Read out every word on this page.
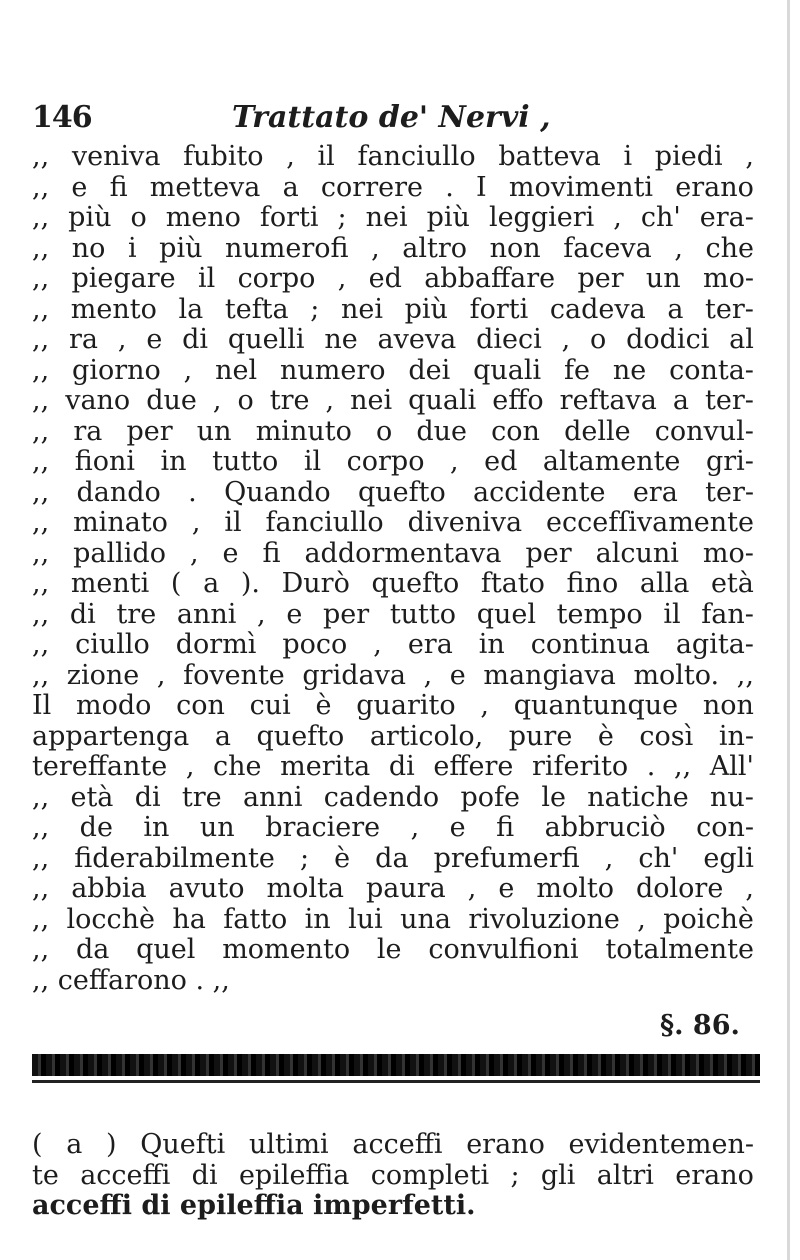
146	Trattato de' Nervi ,
,, veniva fubito , il fanciullo batteva i piedi ,
,, e fi metteva a correre . I movimenti erano
,, più o meno forti ; nei più leggieri , ch' era-
,, no i più numerofi , altro non faceva , che
,, piegare il corpo , ed abbaffare per un mo-
,, mento la tefta ; nei più forti cadeva a ter-
,, ra , e di quelli ne aveva dieci , o dodici al
,, giorno , nel numero dei quali fe ne conta-
,, vano due , o tre , nei quali effo reftava a ter-
,, ra per un minuto o due con delle convul-
,, fioni in tutto il corpo , ed altamente gri-
,, dando . Quando quefto accidente era ter-
,, minato , il fanciullo diveniva eccefſivamente
,, pallido , e fi addormentava per alcuni mo-
,, menti ( a ). Durò quefto ftato fino alla età
,, di tre anni , e per tutto quel tempo il fan-
,, ciullo dormì poco , era in continua agita-
,, zione , fovente gridava , e mangiava molto. ,,
Il modo con cui è guarito , quantunque non
appartenga a quefto articolo, pure è così in-
tereffante , che merita di effere riferito . ,, All'
,, età di tre anni cadendo pofe le natiche nu-
,, de in un braciere , e fi abbruciò con-
,, fiderabilmente ; è da prefumerfi , ch' egli
,, abbia avuto molta paura , e molto dolore ,
,, locchè ha fatto in lui una rivoluzione , poichè
,, da quel momento le convulfioni totalmente
,, ceffarono . ,,
§. 86.
( a ) Quefti ultimi acceffi erano evidentemen-
te acceffi di epileffia completi ; gli altri erano
acceffi di epileffia imperfetti.
